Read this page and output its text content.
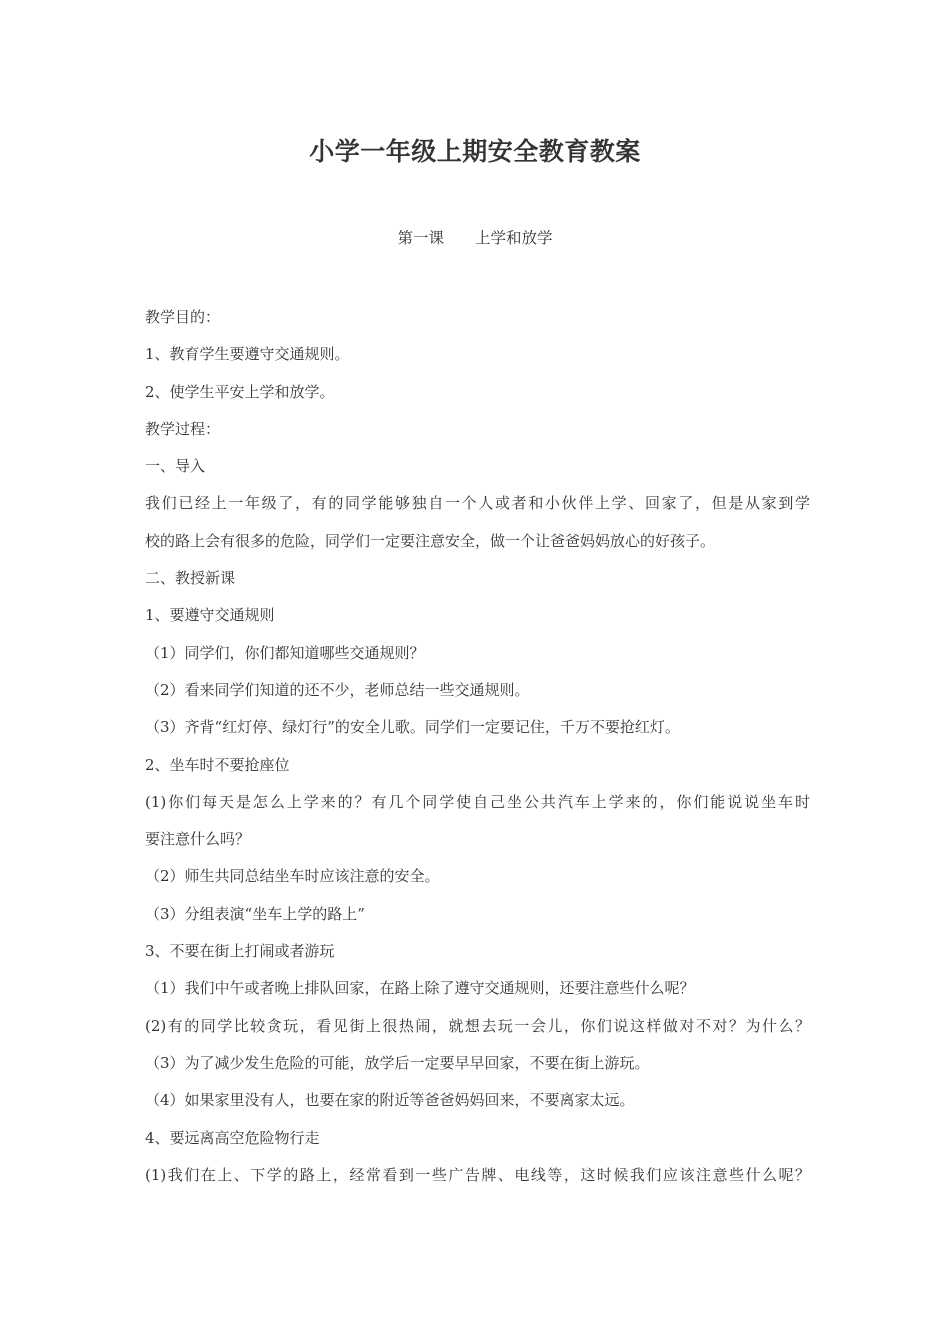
小学一年级上期安全教育教案
第一课　　上学和放学
教学目的：
1、教育学生要遵守交通规则。
2、使学生平安上学和放学。
教学过程：
一、导入
我们已经上一年级了，有的同学能够独自一个人或者和小伙伴上学、回家了，但是从家到学
校的路上会有很多的危险，同学们一定要注意安全，做一个让爸爸妈妈放心的好孩子。
二、教授新课
1、要遵守交通规则
（1）同学们，你们都知道哪些交通规则？
（2）看来同学们知道的还不少，老师总结一些交通规则。
（3）齐背“红灯停、绿灯行”的安全儿歌。同学们一定要记住，千万不要抢红灯。
2、坐车时不要抢座位
(1)你们每天是怎么上学来的？有几个同学使自己坐公共汽车上学来的，你们能说说坐车时
要注意什么吗？
（2）师生共同总结坐车时应该注意的安全。
（3）分组表演“坐车上学的路上”
3、不要在街上打闹或者游玩
（1）我们中午或者晚上排队回家，在路上除了遵守交通规则，还要注意些什么呢？
(2)有的同学比较贪玩，看见街上很热闹，就想去玩一会儿，你们说这样做对不对？为什么？
（3）为了减少发生危险的可能，放学后一定要早早回家，不要在街上游玩。
（4）如果家里没有人，也要在家的附近等爸爸妈妈回来，不要离家太远。
4、要远离高空危险物行走
(1)我们在上、下学的路上，经常看到一些广告牌、电线等，这时候我们应该注意些什么呢？
